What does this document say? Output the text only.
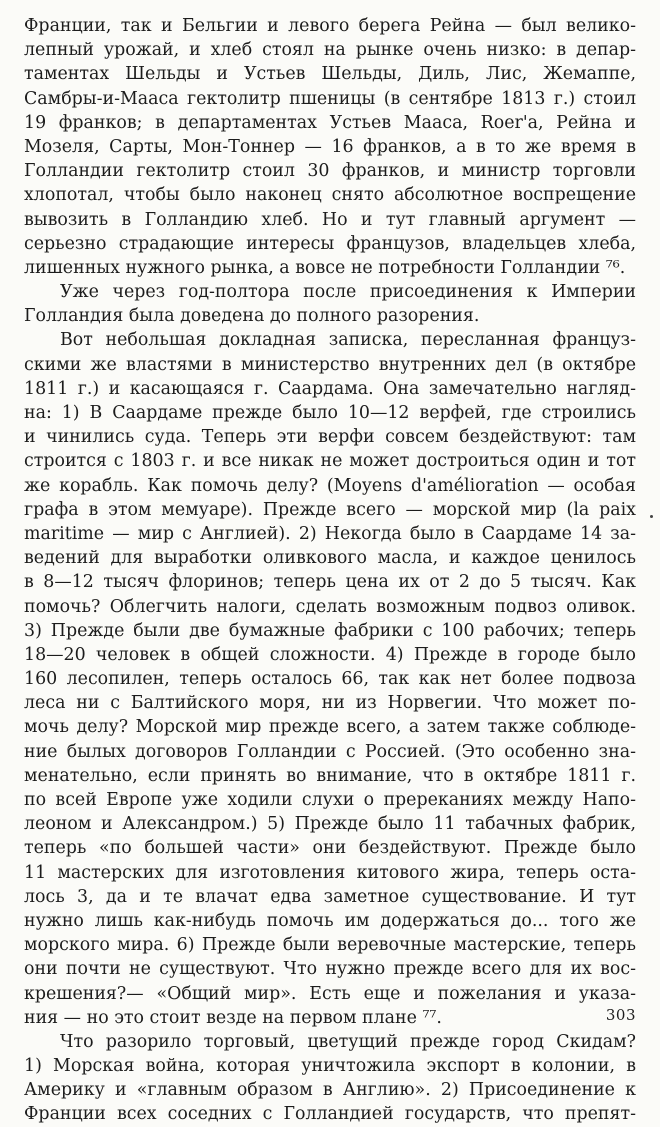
Франции, так и Бельгии и левого берега Рейна — был велико-
лепный урожай, и хлеб стоял на рынке очень низко: в депар-
таментах Шельды и Устьев Шельды, Диль, Лис, Жемаппе,
Самбры-и-Мааса гектолитр пшеницы (в сентябре 1813 г.) стоил
19 франков; в департаментах Устьев Мааса, Roer'a, Рейна и
Мозеля, Сарты, Мон-Тоннер — 16 франков, а в то же время в
Голландии гектолитр стоил 30 франков, и министр торговли
хлопотал, чтобы было наконец снято абсолютное воспрещение
вывозить в Голландию хлеб. Но и тут главный аргумент —
серьезно страдающие интересы французов, владельцев хлеба,
лишенных нужного рынка, а вовсе не потребности Голландии ⁷⁶.
Уже через год-полтора после присоединения к Империи
Голландия была доведена до полного разорения.
Вот небольшая докладная записка, пересланная француз-
скими же властями в министерство внутренних дел (в октябре
1811 г.) и касающаяся г. Саардама. Она замечательно нагляд-
на: 1) В Саардаме прежде было 10—12 верфей, где строились
и чинились суда. Теперь эти верфи совсем бездействуют: там
строится с 1803 г. и все никак не может достроиться один и тот
же корабль. Как помочь делу? (Moyens d'amélioration — особая
графа в этом мемуаре). Прежде всего — морской мир (la paix
maritime — мир с Англией). 2) Некогда было в Саардаме 14 за-
ведений для выработки оливкового масла, и каждое ценилось
в 8—12 тысяч флоринов; теперь цена их от 2 до 5 тысяч. Как
помочь? Облегчить налоги, сделать возможным подвоз оливок.
3) Прежде были две бумажные фабрики с 100 рабочих; теперь
18—20 человек в общей сложности. 4) Прежде в городе было
160 лесопилен, теперь осталось 66, так как нет более подвоза
леса ни с Балтийского моря, ни из Норвегии. Что может по-
мочь делу? Морской мир прежде всего, а затем также соблюде-
ние былых договоров Голландии с Россией. (Это особенно зна-
менательно, если принять во внимание, что в октябре 1811 г.
по всей Европе уже ходили слухи о пререканиях между Напо-
леоном и Александром.) 5) Прежде было 11 табачных фабрик,
теперь «по большей части» они бездействуют. Прежде было
11 мастерских для изготовления китового жира, теперь оста-
лось 3, да и те влачат едва заметное существование. И тут
нужно лишь как-нибудь помочь им додержаться до... того же
морского мира. 6) Прежде были веревочные мастерские, теперь
они почти не существуют. Что нужно прежде всего для их вос-
крешения?— «Общий мир». Есть еще и пожелания и указа-
ния — но это стоит везде на первом плане ⁷⁷.
Что разорило торговый, цветущий прежде город Скидам?
1) Морская война, которая уничтожила экспорт в колонии, в
Америку и «главным образом в Англию». 2) Присоединение к
Франции всех соседних с Голландией государств, что препят-
303
